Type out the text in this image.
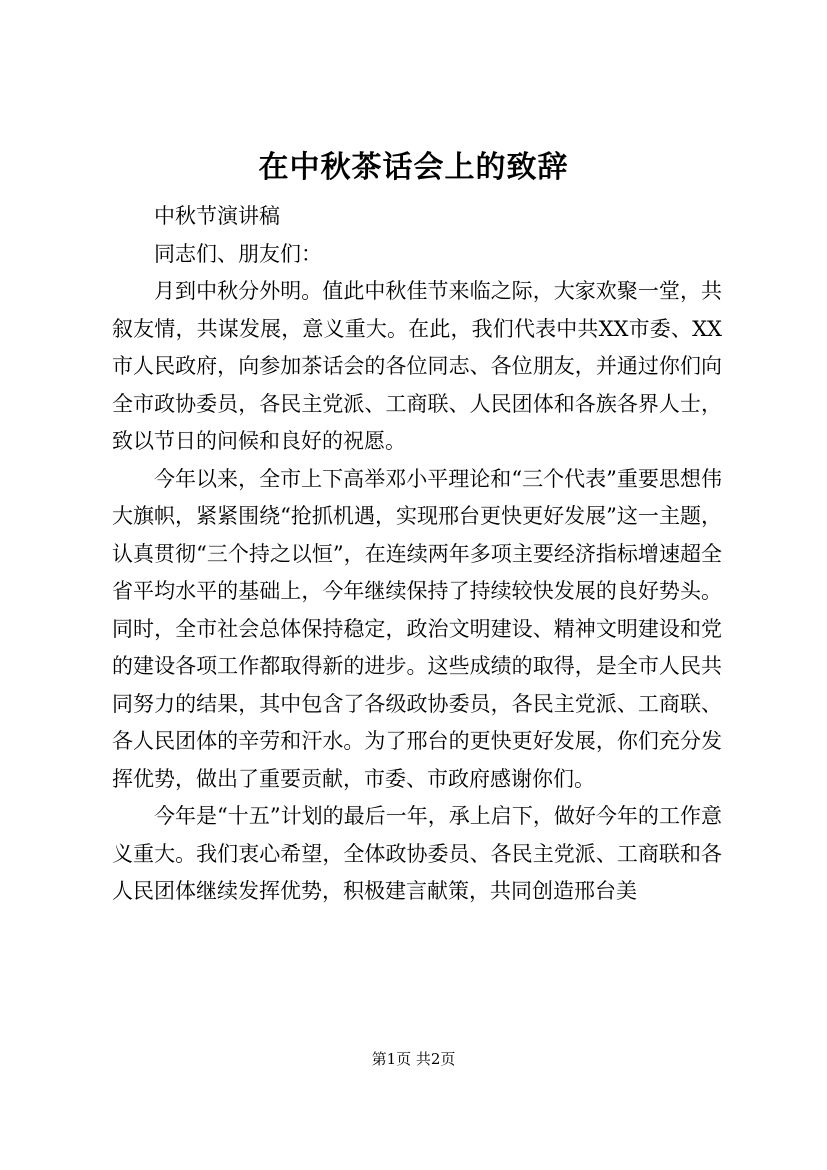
在中秋茶话会上的致辞

中秋节演讲稿

同志们、朋友们：

月到中秋分外明。值此中秋佳节来临之际，大家欢聚一堂，共叙友情，共谋发展，意义重大。在此，我们代表中共XX市委、XX市人民政府，向参加茶话会的各位同志、各位朋友，并通过你们向全市政协委员，各民主党派、工商联、人民团体和各族各界人士，致以节日的问候和良好的祝愿。

今年以来，全市上下高举邓小平理论和“三个代表”重要思想伟大旗帜，紧紧围绕“抢抓机遇，实现邢台更快更好发展”这一主题，认真贯彻“三个持之以恒”，在连续两年多项主要经济指标增速超全省平均水平的基础上，今年继续保持了持续较快发展的良好势头。同时，全市社会总体保持稳定，政治文明建设、精神文明建设和党的建设各项工作都取得新的进步。这些成绩的取得，是全市人民共同努力的结果，其中包含了各级政协委员，各民主党派、工商联、各人民团体的辛劳和汗水。为了邢台的更快更好发展，你们充分发挥优势，做出了重要贡献，市委、市政府感谢你们。

今年是“十五”计划的最后一年，承上启下，做好今年的工作意义重大。我们衷心希望，全体政协委员、各民主党派、工商联和各人民团体继续发挥优势，积极建言献策，共同创造邢台美

第1页 共2页
